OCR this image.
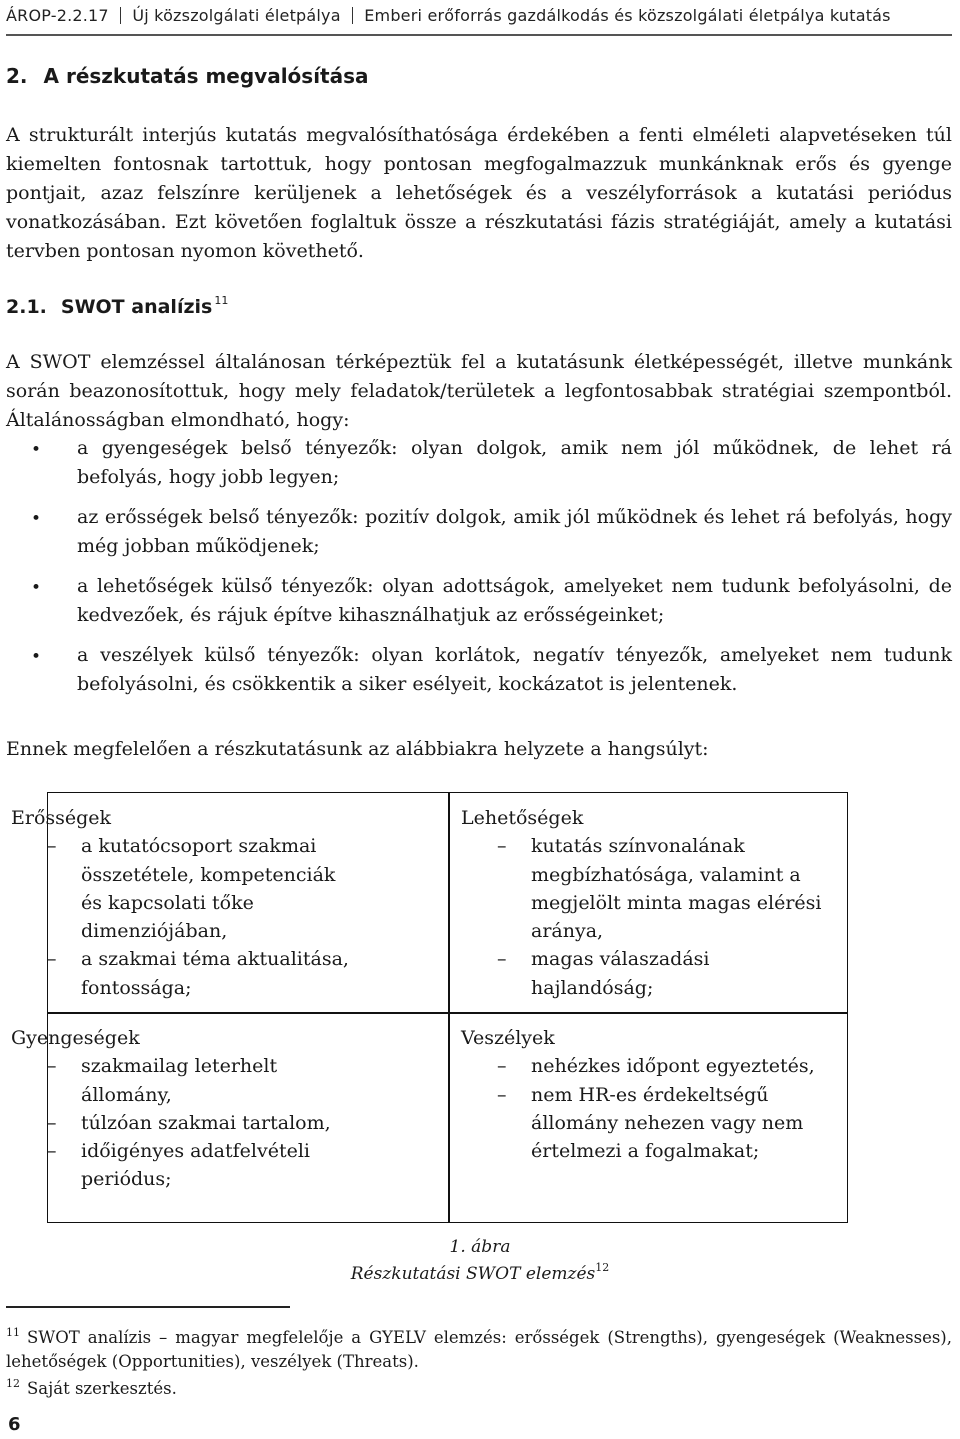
ÁROP-2.2.17 Új közszolgálati életpálya Emberi erőforrás gazdálkodás és közszolgálati életpálya kutatás
2. A részkutatás megvalósítása

A strukturált interjús kutatás megvalósíthatósága érdekében a fenti elméleti alapvetéseken túl kiemelten fontosnak tartottuk, hogy pontosan megfogalmazzuk munkánknak erős és gyenge pontjait, azaz felszínre kerüljenek a lehetőségek és a veszélyforrások a kutatási periódus vonatkozásában. Ezt követően foglaltuk össze a részkutatási fázis stratégiáját, amely a kutatási tervben pontosan nyomon követhető.

2.1. SWOT analízis $^{11}$

A SWOT elemzéssel általánosan térképeztük fel a kutatásunk életképességét, illetve munkánk során beazonosítottuk, hogy mely feladatok/területek a legfontosabbak stratégiai szempontból. Általánosságban elmondható, hogy:

• a gyengeségek belső tényezők: olyan dolgok, amik nem jól működnek, de lehet rá befolyás, hogy jobb legyen;
• az erősségek belső tényezők: pozitív dolgok, amik jól működnek és lehet rá befolyás, hogy még jobban működjenek;
• a lehetőségek külső tényezők: olyan adottságok, amelyeket nem tudunk befolyásolni, de kedvezőek, és rájuk építve kihasználhatjuk az erősségeinket;
• a veszélyek külső tényezők: olyan korlátok, negatív tényezők, amelyeket nem tudunk befolyásolni, és csökkentik a siker esélyeit, kockázatot is jelentenek.

Ennek megfelelően a részkutatásunk az alábbiakra helyzete a hangsúlyt:

Erősségek
– a kutatócsoport szakmai
összetétele, kompetenciák
és kapcsolati tőke
dimenziójában,
– a szakmai téma aktualitása,
fontossága;
Lehetőségek
– kutatás színvonalának
megbízhatósága, valamint a
megjelölt minta magas elérési
aránya,
– magas válaszadási
hajlandóság;
Gyengeségek
– szakmailag leterhelt
állomány,
– túlzóan szakmai tartalom,
– időigényes adatfelvételi
periódus;
Veszélyek
– nehézkes időpont egyeztetés,
– nem HR-es érdekeltségű
állomány nehezen vagy nem
értelmezi a fogalmakat;
1. ábra
Részkutatási SWOT elemzés$^{12}$

$^{11}$ SWOT analízis – magyar megfelelője a GYELV elemzés: erősségek (Strengths), gyengeségek (Weaknesses), lehetőségek (Opportunities), veszélyek (Threats).

$^{12}$ Saját szerkesztés.

6
